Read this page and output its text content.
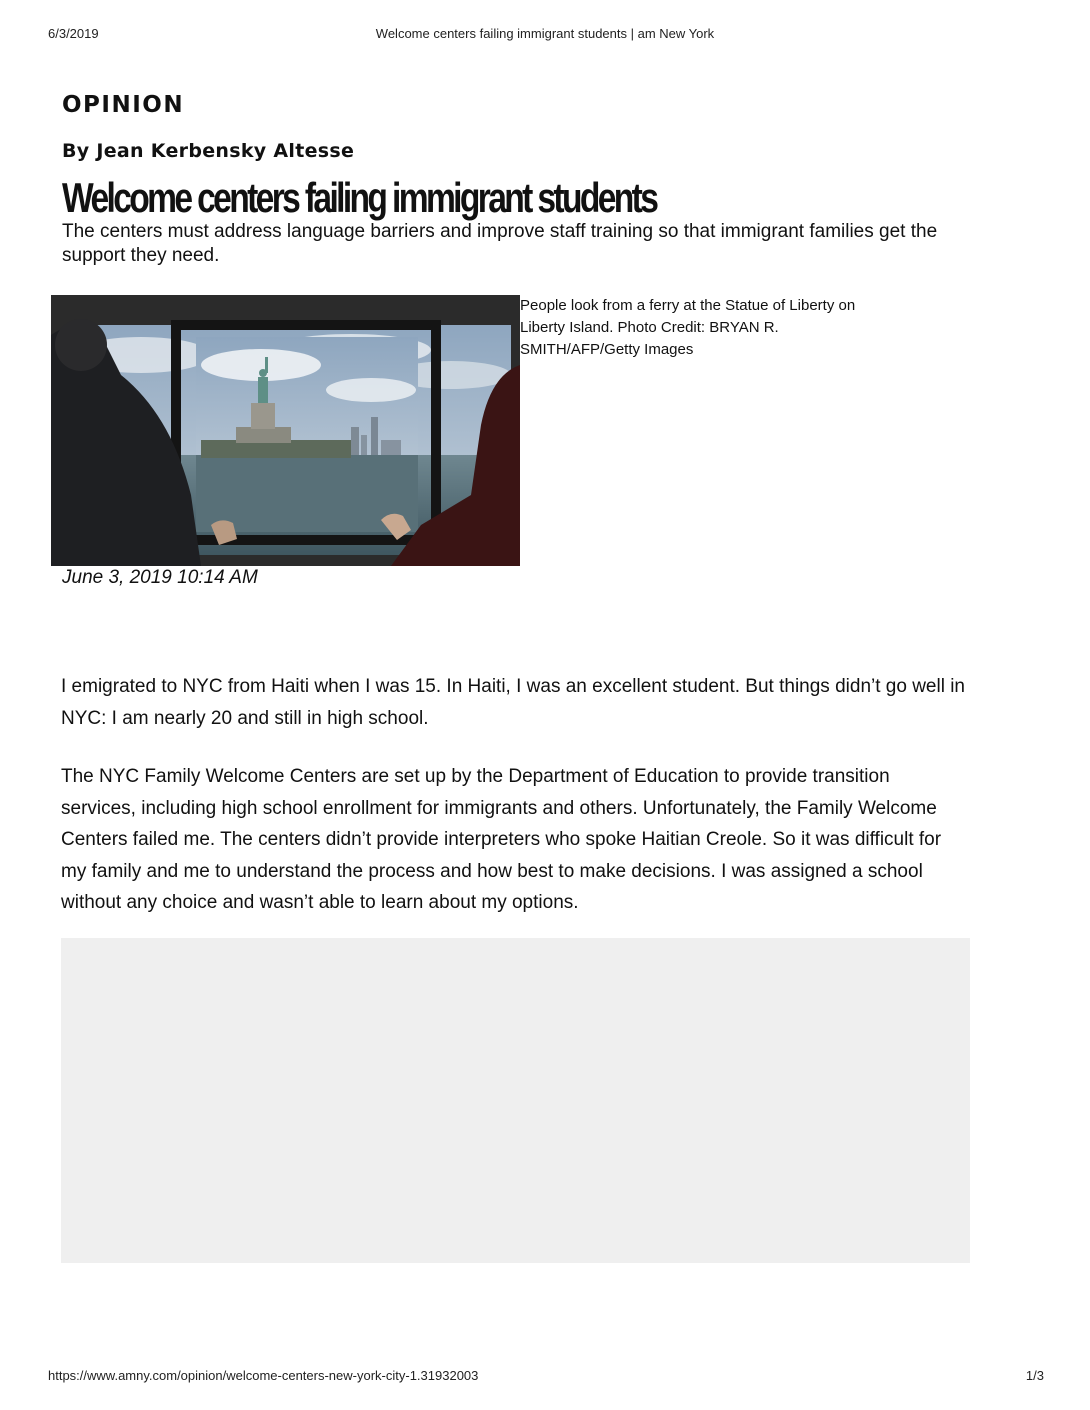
6/3/2019	Welcome centers failing immigrant students | am New York
OPINION
By Jean Kerbensky Altesse
Welcome centers failing immigrant students
The centers must address language barriers and improve staff training so that immigrant families get the support they need.
People look from a ferry at the Statue of Liberty on Liberty Island. Photo Credit: BRYAN R. SMITH/AFP/Getty Images
June 3, 2019 10:14 AM
I emigrated to NYC from Haiti when I was 15. In Haiti, I was an excellent student. But things didn’t go well in NYC: I am nearly 20 and still in high school.
The NYC Family Welcome Centers are set up by the Department of Education to provide transition services, including high school enrollment for immigrants and others. Unfortunately, the Family Welcome Centers failed me. The centers didn’t provide interpreters who spoke Haitian Creole. So it was difficult for my family and me to understand the process and how best to make decisions. I was assigned a school without any choice and wasn’t able to learn about my options.
https://www.amny.com/opinion/welcome-centers-new-york-city-1.31932003	1/3
